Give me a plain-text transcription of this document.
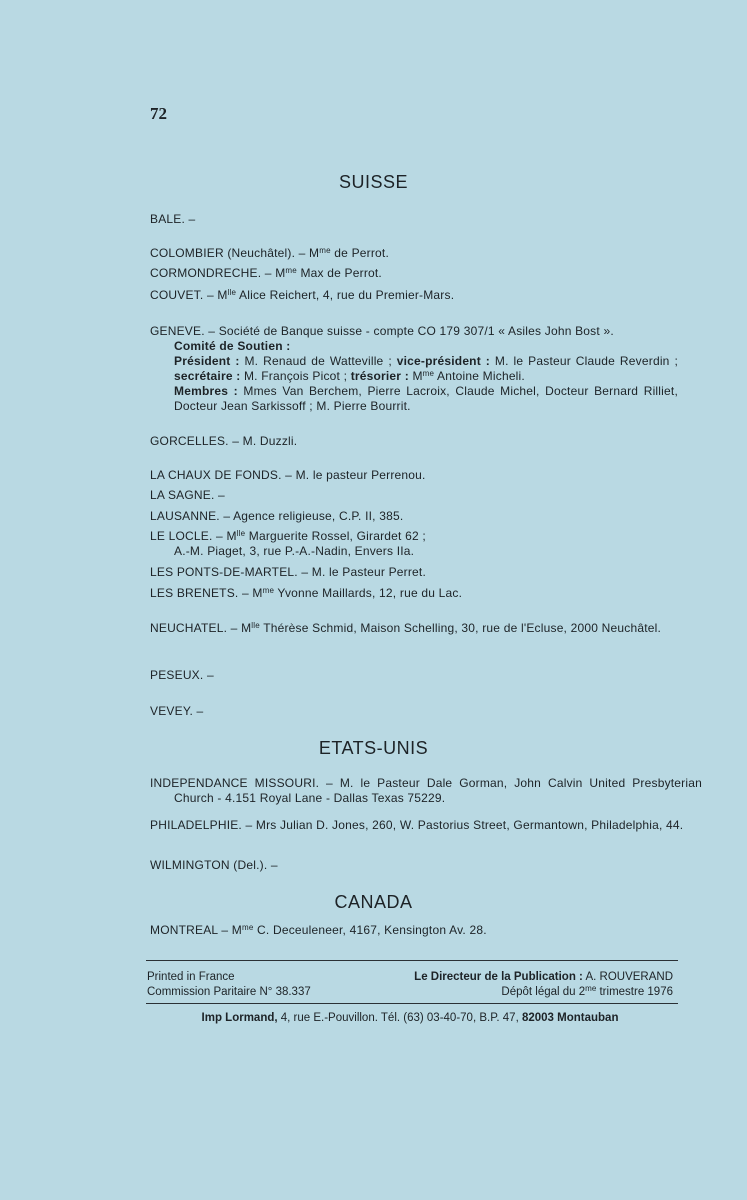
72
SUISSE
BALE. –
COLOMBIER (Neuchâtel). – $M^{me}$ de Perrot.
CORMONDRECHE. – $M^{me}$ Max de Perrot.
COUVET. – $M^{lle}$ Alice Reichert, 4, rue du Premier-Mars.
GENEVE. – Société de Banque suisse - compte CO 179 307/1 « Asiles John Bost ».
Comité de Soutien :
Président : M. Renaud de Watteville ; vice-président : M. le Pasteur Claude Reverdin ; secrétaire : M. François Picot ; trésorier : $M^{me}$ Antoine Micheli.
Membres : Mmes Van Berchem, Pierre Lacroix, Claude Michel, Docteur Bernard Rilliet, Docteur Jean Sarkissoff ; M. Pierre Bourrit.
GORCELLES. – M. Duzzli.
LA CHAUX DE FONDS. – M. le pasteur Perrenou.
LA SAGNE. –
LAUSANNE. – Agence religieuse, C.P. II, 385.
LE LOCLE. – $M^{lle}$ Marguerite Rossel, Girardet 62 ;
A.-M. Piaget, 3, rue P.-A.-Nadin, Envers IIa.
LES PONTS-DE-MARTEL. – M. le Pasteur Perret.
LES BRENETS. – $M^{me}$ Yvonne Maillards, 12, rue du Lac.
NEUCHATEL. – $M^{lle}$ Thérèse Schmid, Maison Schelling, 30, rue de l'Ecluse, 2000 Neuchâtel.
PESEUX. –
VEVEY. –
ETATS-UNIS
INDEPENDANCE MISSOURI. – M. le Pasteur Dale Gorman, John Calvin United Presbyterian Church - 4.151 Royal Lane - Dallas Texas 75229.
PHILADELPHIE. – Mrs Julian D. Jones, 260, W. Pastorius Street, Germantown, Philadelphia, 44.
WILMINGTON (Del.). –
CANADA
MONTREAL – $M^{me}$ C. Deceuleneer, 4167, Kensington Av. 28.
Printed in France	Le Directeur de la Publication : A. ROUVERAND
Commission Paritaire N° 38.337	Dépôt légal du $2^{me}$ trimestre 1976
Imp Lormand, 4, rue E.-Pouvillon. Tél. (63) 03-40-70, B.P. 47, 82003 Montauban
